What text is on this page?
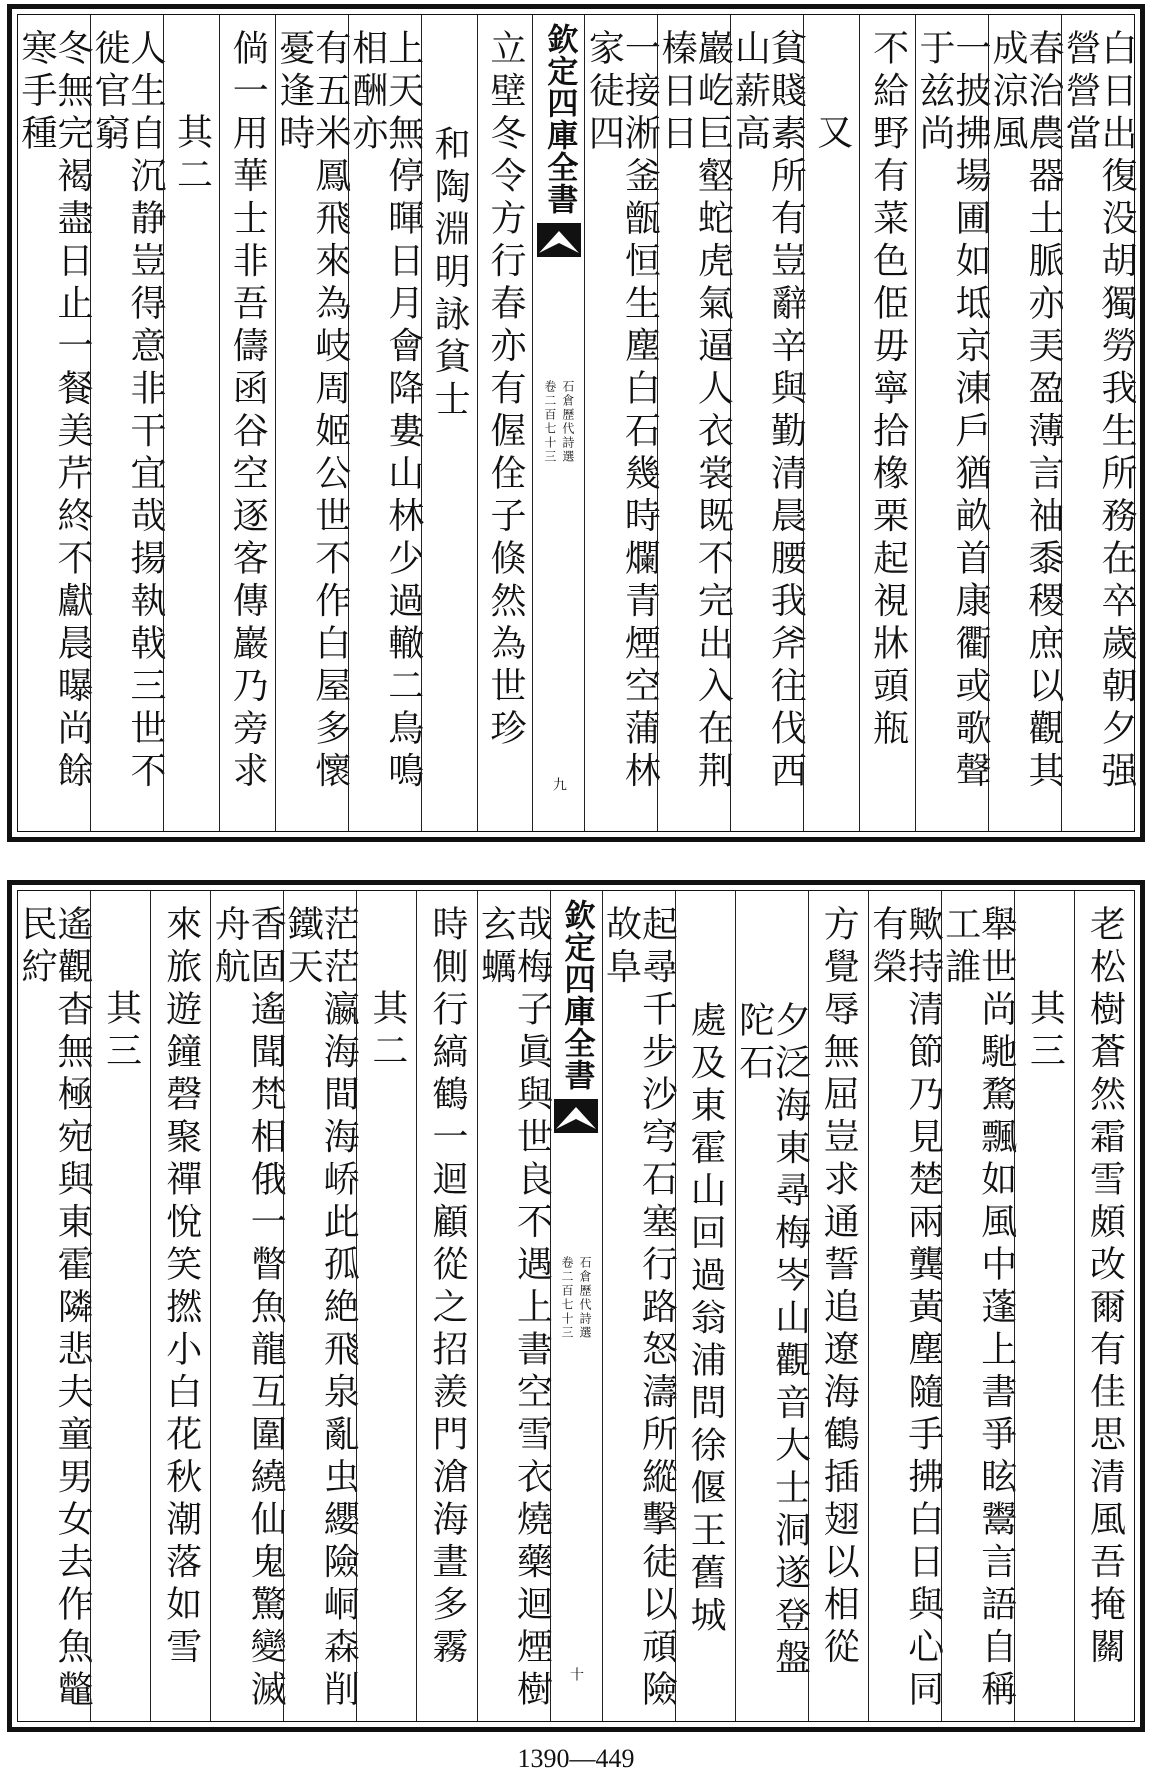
白日出復没胡獨勞我生所務在卒歲朝夕强營營當
春治農器土脈亦㺯盈薄言䄂黍稷庶以觀其成涼風
一披拂場圃如坻京涷戶猶畝首康衢或歌聲于兹尚
不給野有菜色𠈄毋寧拾橡栗起視牀頭瓶
又
貧賤素所有豈辭辛與勤清晨腰我斧往伐西山薪高
巖屹巨壑蛇虎氣逼人衣裳既不完出入在荆榛日日
一接淅釜甑恒生塵白石幾時爛青煙空蒲林家徒四
欽定四庫全書
石倉歷代詩選
卷二百七十三
九
立壁冬令方行春亦有偓佺子倏然為世珍
和陶淵明詠貧士
上天無停暉日月會降婁山林少過轍二鳥鳴相酬亦
有五米鳳飛來為岐周姬公世不作白屋多懷憂逢時
倘一用華士非吾儔函谷空逐客傳巖乃旁求
其二
人生自沉静豈得意非干宜哉揚執戟三世不徙官窮
冬無完褐盡日止一餐美芹終不獻晨曝尚餘寒手種
老松樹蒼然霜雪頗改爾有佳思清風吾掩關
其三
舉世尚馳騖飄如風中蓬上書爭眩鬻言語自稱工誰
歟持清節乃見楚兩龔黃塵隨手拂白日與心同有榮
方覺辱無屈豈求通誓追遼海鶴插翅以相從
夕泛海東尋梅岑山觀音大士洞遂登盤陀石
處及東霍山回過翁浦問徐偃王舊城
起尋千步沙穹石塞行路怒濤所縱擊徒以頑險故阜
欽定四庫全書
石倉歷代詩選
卷二百七十三
十
哉梅子眞與世良不遇上書空雪衣燒藥迴煙樹玄蠣
時側行縞鶴一迴顧從之招羨門滄海晝多霧
其二
茫茫瀛海間海峤此孤絶飛泉亂虫纓險峒森削鐵天
香固遙聞梵相俄一瞥魚龍互圍繞仙鬼驚變滅舟航
來旅遊鐘磬聚禪悅笑撚小白花秋潮落如雪
其三
遙觀杳無極宛與東霍隣悲夫童男女去作魚鼈民紵
1390—449
